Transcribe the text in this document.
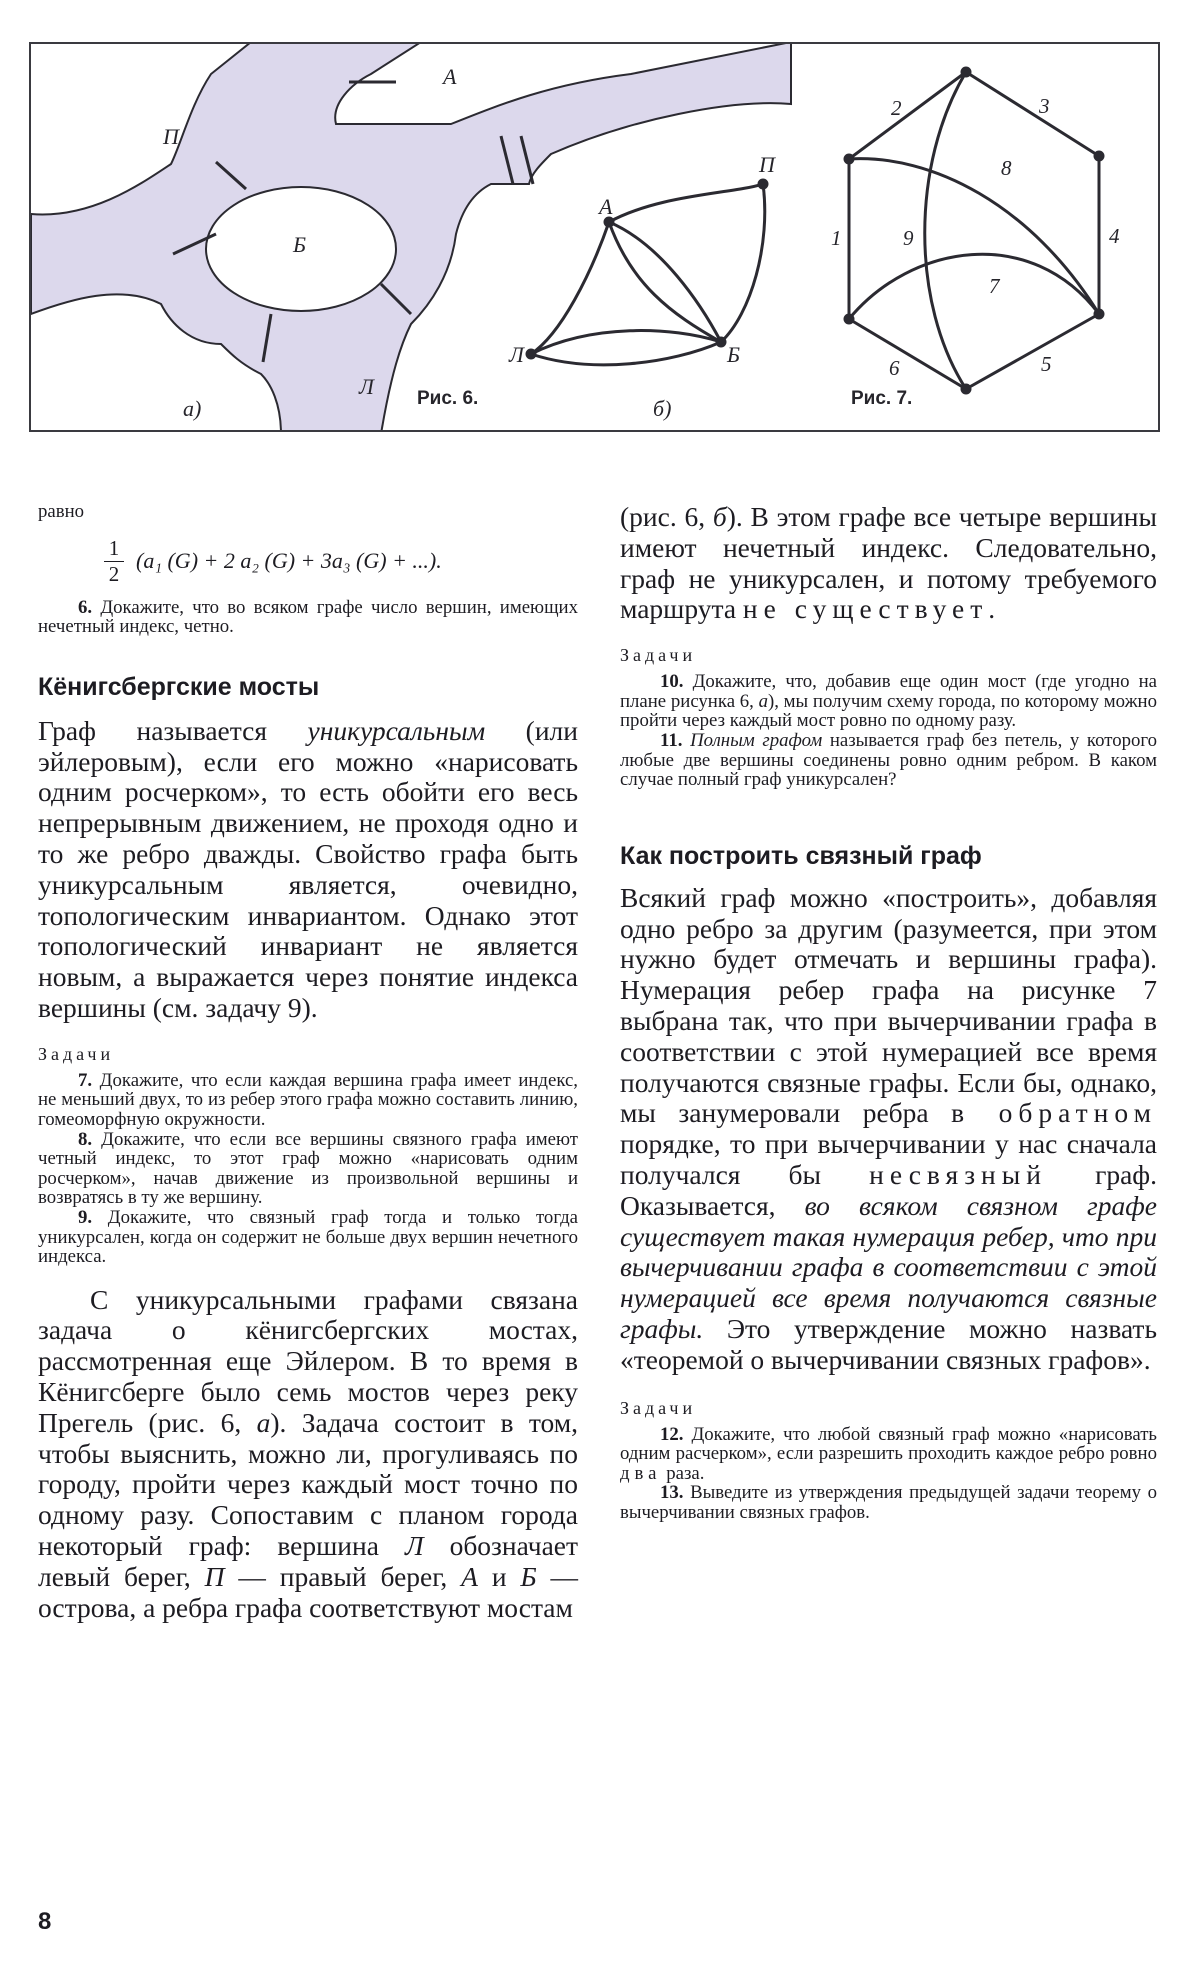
А
П
Б
Л
а)	Рис. 6.
А
П
Б
Л
б)
1
2	3
4
5
6
7
8
9
Рис. 7.

равно

$\frac{1}{2} (a_1$ (G) + 2 a₂ (G) + 3a₃ (G) + ...).

6. Докажите, что во всяком графе число вершин, имеющих нечетный индекс, четно.

Кёнигсбергские мосты

Граф называется уникурсальным (или эйлеровым), если его можно «нарисовать одним росчерком», то есть обойти его весь непрерывным движением, не проходя одно и то же ребро дважды. Свойство графа быть уникурсальным является, очевидно, топологическим инвариантом. Однако этот топологический инвариант не является новым, а выражается через понятие индекса вершины (см. задачу 9).

Задачи

7. Докажите, что если каждая вершина графа имеет индекс, не меньший двух, то из ребер этого графа можно составить линию, гомеоморфную окружности.

8. Докажите, что если все вершины связного графа имеют четный индекс, то этот граф можно «нарисовать одним росчерком», начав движение из произвольной вершины и возвратясь в ту же вершину.

9. Докажите, что связный граф тогда и только тогда уникурсален, когда он содержит не больше двух вершин нечетного индекса.

С уникурсальными графами связана задача о кёнигсбергских мостах, рассмотренная еще Эйлером. В то время в Кёнигсберге было семь мостов через реку Прегель (рис. 6, а). Задача состоит в том, чтобы выяснить, можно ли, прогуливаясь по городу, пройти через каждый мост точно по одному разу. Сопоставим с планом города некоторый граф: вершина Л обозначает левый берег, П — правый берег, А и Б — острова, а ребра графа соответствуют мостам

(рис. 6, б). В этом графе все четыре вершины имеют нечетный индекс. Следовательно, граф не уникурсален, и потому требуемого маршрута не существует.

Задачи

10. Докажите, что, добавив еще один мост (где угодно на плане рисунка 6, а), мы получим схему города, по которому можно пройти через каждый мост ровно по одному разу.

11. Полным графом называется граф без петель, у которого любые две вершины соединены ровно одним ребром. В каком случае полный граф уникурсален?

Как построить связный граф

Всякий граф можно «построить», добавляя одно ребро за другим (разумеется, при этом нужно будет отмечать и вершины графа). Нумерация ребер графа на рисунке 7 выбрана так, что при вычерчивании графа в соответствии с этой нумерацией все время получаются связные графы. Если бы, однако, мы занумеровали ребра в обратном порядке, то при вычерчивании у нас сначала получался бы несвязный граф. Оказывается, во всяком связном графе существует такая нумерация ребер, что при вычерчивании графа в соответствии с этой нумерацией все время получаются связные графы. Это утверждение можно назвать «теоремой о вычерчивании связных графов».

Задачи

12. Докажите, что любой связный граф можно «нарисовать одним расчерком», если разрешить проходить каждое ребро ровно два раза.

13. Выведите из утверждения предыдущей задачи теорему о вычерчивании связных графов.

8
